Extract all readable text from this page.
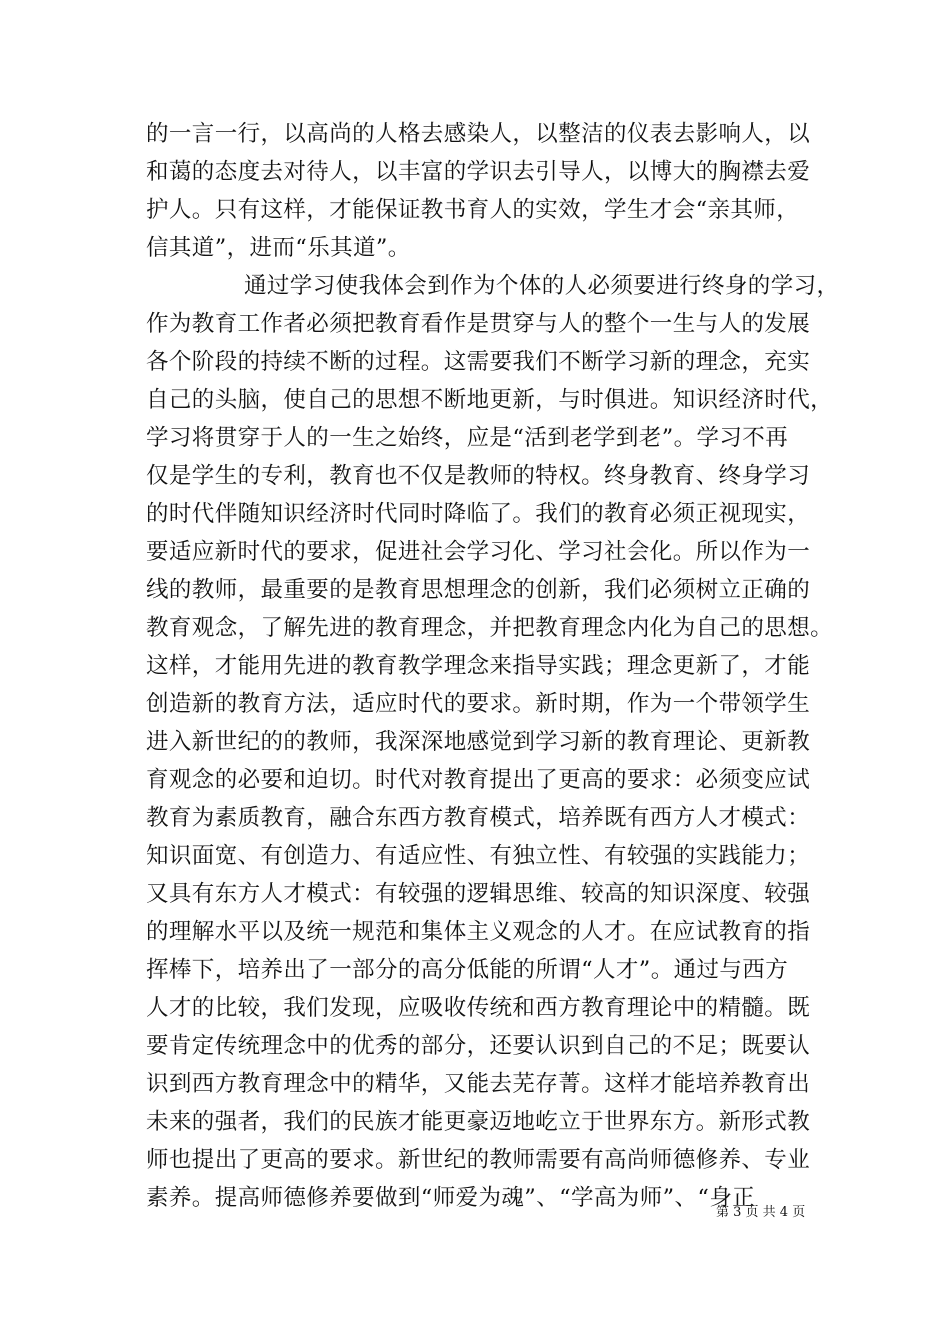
的一言一行，以高尚的人格去感染人，以整洁的仪表去影响人，以
和蔼的态度去对待人，以丰富的学识去引导人，以博大的胸襟去爱
护人。只有这样，才能保证教书育人的实效，学生才会“亲其师，
信其道”，进而“乐其道”。
通过学习使我体会到作为个体的人必须要进行终身的学习，
作为教育工作者必须把教育看作是贯穿与人的整个一生与人的发展
各个阶段的持续不断的过程。这需要我们不断学习新的理念，充实
自己的头脑，使自己的思想不断地更新，与时俱进。知识经济时代，
学习将贯穿于人的一生之始终，应是“活到老学到老”。学习不再
仅是学生的专利，教育也不仅是教师的特权。终身教育、终身学习
的时代伴随知识经济时代同时降临了。我们的教育必须正视现实，
要适应新时代的要求，促进社会学习化、学习社会化。所以作为一
线的教师，最重要的是教育思想理念的创新，我们必须树立正确的
教育观念，了解先进的教育理念，并把教育理念内化为自己的思想。
这样，才能用先进的教育教学理念来指导实践；理念更新了，才能
创造新的教育方法，适应时代的要求。新时期，作为一个带领学生
进入新世纪的的教师，我深深地感觉到学习新的教育理论、更新教
育观念的必要和迫切。时代对教育提出了更高的要求：必须变应试
教育为素质教育，融合东西方教育模式，培养既有西方人才模式：
知识面宽、有创造力、有适应性、有独立性、有较强的实践能力；
又具有东方人才模式：有较强的逻辑思维、较高的知识深度、较强
的理解水平以及统一规范和集体主义观念的人才。在应试教育的指
挥棒下，培养出了一部分的高分低能的所谓“人才”。通过与西方
人才的比较，我们发现，应吸收传统和西方教育理论中的精髓。既
要肯定传统理念中的优秀的部分，还要认识到自己的不足；既要认
识到西方教育理念中的精华，又能去芜存菁。这样才能培养教育出
未来的强者，我们的民族才能更豪迈地屹立于世界东方。新形式教
师也提出了更高的要求。新世纪的教师需要有高尚师德修养、专业
素养。提高师德修养要做到“师爱为魂”、“学高为师”、“身正
第 3 页 共 4 页
